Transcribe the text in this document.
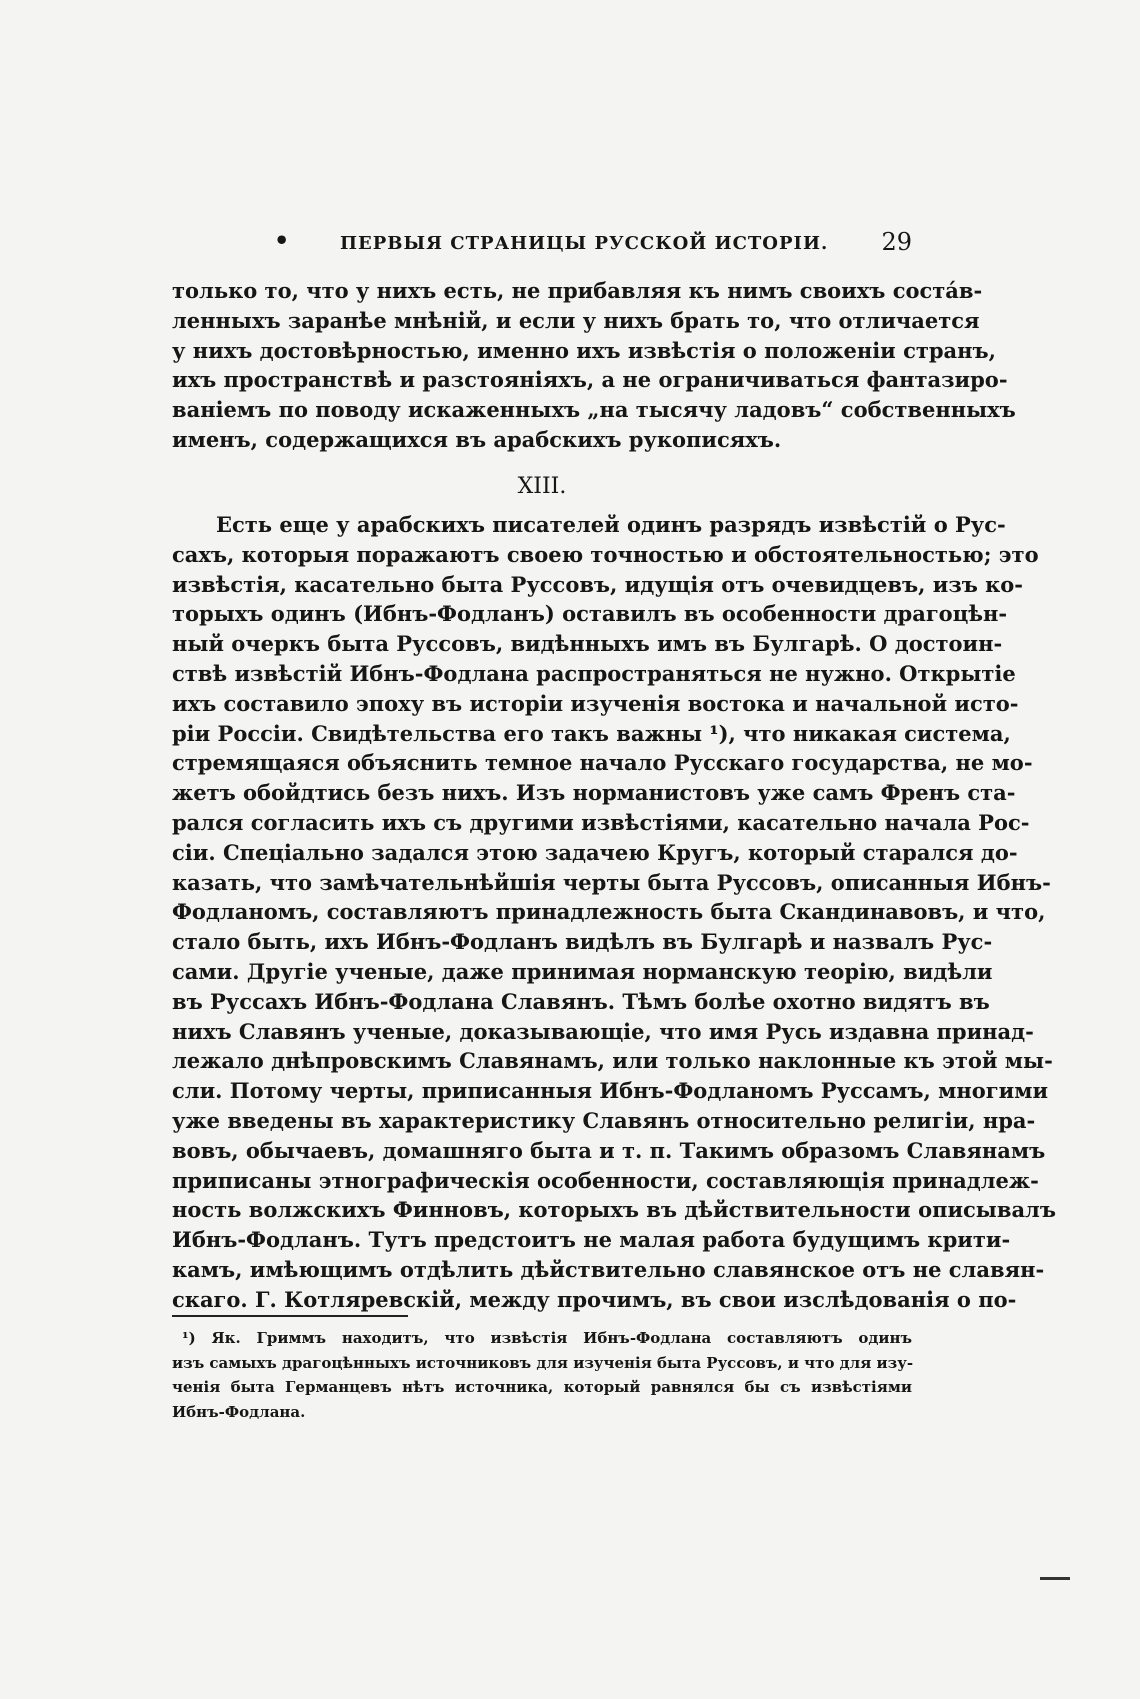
•	ПЕРВЫЯ СТРАНИЦЫ РУССКОЙ ИСТОРІИ. 29
только то, что у нихъ есть, не прибавляя къ нимъ своихъ состáв-
ленныхъ заранѣе мнѣній, и если у нихъ брать то, что отличается
у нихъ достовѣрностью, именно ихъ извѣстія о положеніи странъ,
ихъ пространствѣ и разстояніяхъ, а не ограничиваться фантазиро-
ваніемъ по поводу искаженныхъ „на тысячу ладовъ“ собственныхъ
именъ, содержащихся въ арабскихъ рукописяхъ.
XIII.
Есть еще у арабскихъ писателей одинъ разрядъ извѣстій о Рус-
сахъ, которыя поражаютъ своею точностью и обстоятельностью; это
извѣстія, касательно быта Руссовъ, идущія отъ очевидцевъ, изъ ко-
торыхъ одинъ (Ибнъ-Фодланъ) оставилъ въ особенности драгоцѣн-
ный очеркъ быта Руссовъ, видѣнныхъ имъ въ Булгарѣ. О достоин-
ствѣ извѣстій Ибнъ-Фодлана распространяться не нужно. Открытіе
ихъ составило эпоху въ исторіи изученія востока и начальной исто-
ріи Россіи. Свидѣтельства его такъ важны ¹), что никакая система,
стремящаяся объяснить темное начало Русскаго государства, не мо-
жетъ обойдтись безъ нихъ. Изъ норманистовъ уже самъ Френъ ста-
рался согласить ихъ съ другими извѣстіями, касательно начала Рос-
сіи. Спеціально задался этою задачею Кругъ, который старался до-
казать, что замѣчательнѣйшія черты быта Руссовъ, описанныя Ибнъ-
Фодланомъ, составляютъ принадлежность быта Скандинавовъ, и что,
стало быть, ихъ Ибнъ-Фодланъ видѣлъ въ Булгарѣ и назвалъ Рус-
сами. Другіе ученые, даже принимая норманскую теорію, видѣли
въ Руссахъ Ибнъ-Фодлана Славянъ. Тѣмъ болѣе охотно видятъ въ
нихъ Славянъ ученые, доказывающіе, что имя Русь издавна принад-
лежало днѣпровскимъ Славянамъ, или только наклонные къ этой мы-
сли. Потому черты, приписанныя Ибнъ-Фодланомъ Руссамъ, многими
уже введены въ характеристику Славянъ относительно религіи, нра-
вовъ, обычаевъ, домашняго быта и т. п. Такимъ образомъ Славянамъ
приписаны этнографическія особенности, составляющія принадлеж-
ность волжскихъ Финновъ, которыхъ въ дѣйствительности описывалъ
Ибнъ-Фодланъ. Тутъ предстоитъ не малая работа будущимъ крити-
камъ, имѣющимъ отдѣлить дѣйствительно славянское отъ не славян-
скаго. Г. Котляревскій, между прочимъ, въ свои изслѣдованія о по-
¹) Як. Гриммъ находитъ, что извѣстія Ибнъ-Фодлана составляютъ одинъ
изъ самыхъ драгоцѣнныхъ источниковъ для изученія быта Руссовъ, и что для изу-
ченія быта Германцевъ нѣтъ источника, который равнялся бы съ извѣстіями
Ибнъ-Фодлана.
